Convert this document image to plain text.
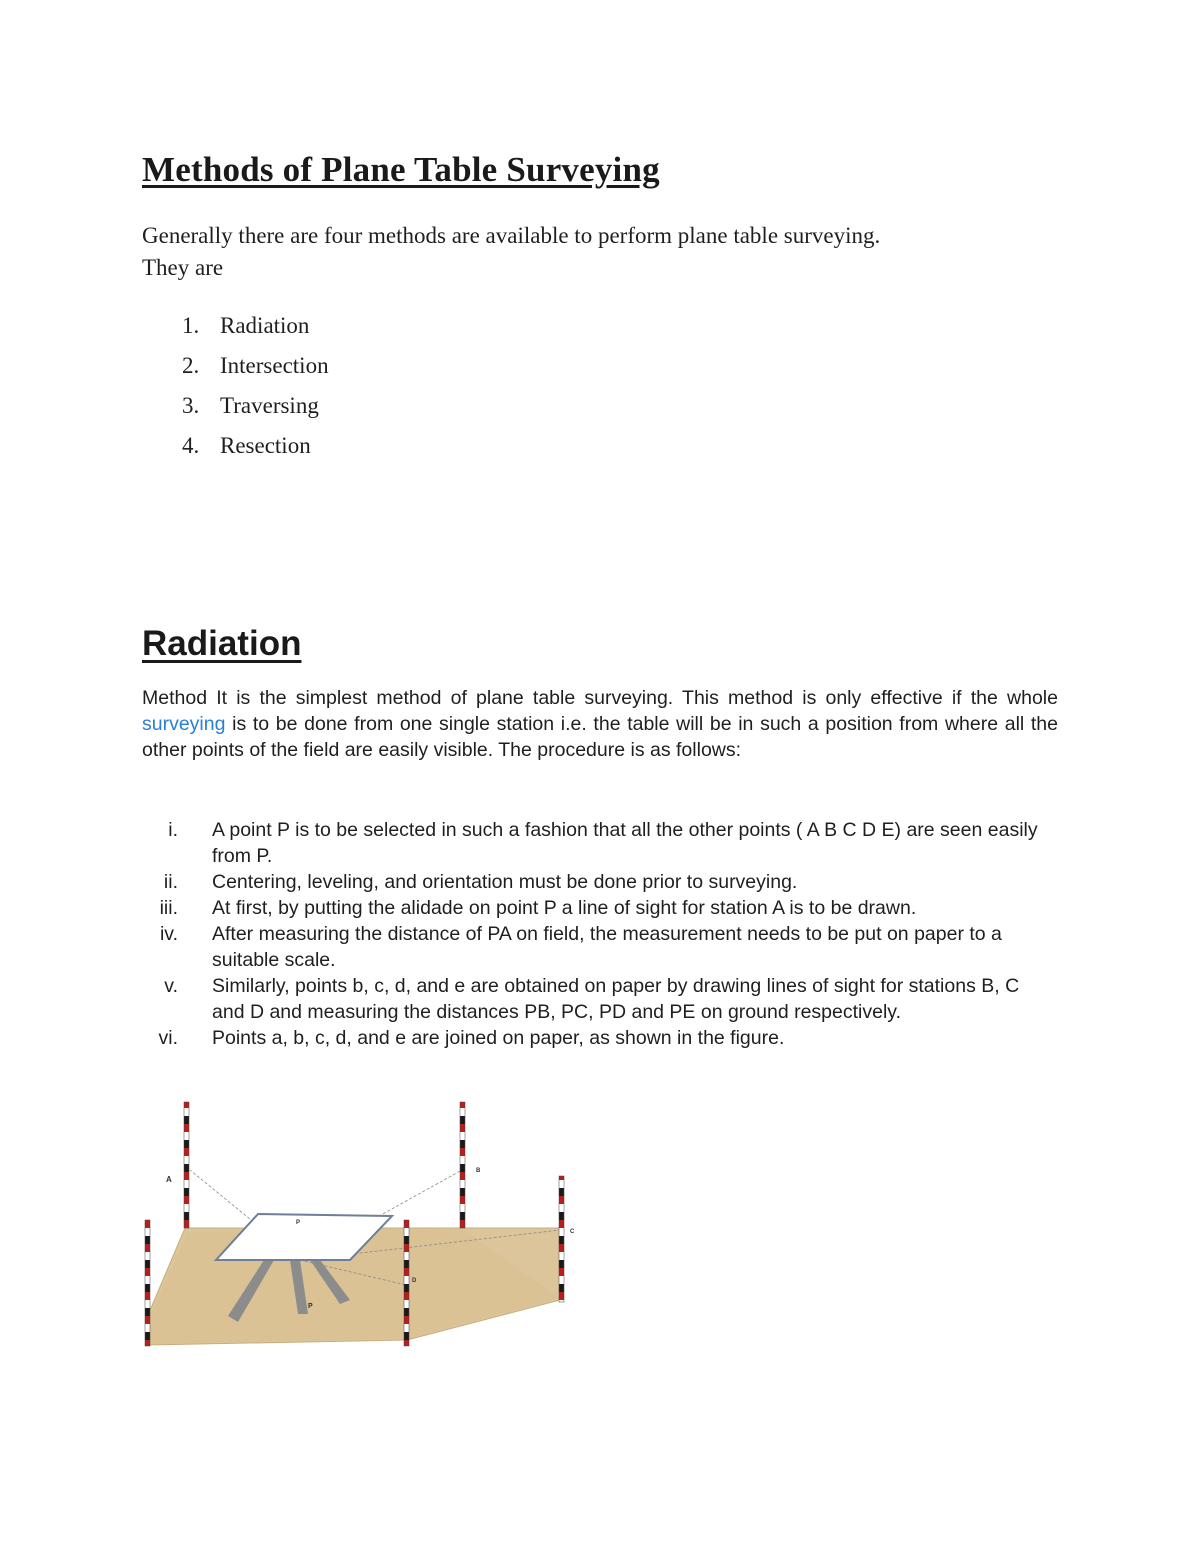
Methods of Plane Table Surveying
Generally there are four methods are available to perform plane table surveying.
They are
1. Radiation
2. Intersection
3. Traversing
4. Resection
Radiation

Method It is the simplest method of plane table surveying. This method is only effective if the whole surveying is to be done from one single station i.e. the table will be in such a position from where all the other points of the field are easily visible. The procedure is as follows:

i. A point P is to be selected in such a fashion that all the other points ( A B C D E) are seen easily from P.
ii. Centering, leveling, and orientation must be done prior to surveying.
iii. At first, by putting the alidade on point P a line of sight for station A is to be drawn.
iv. After measuring the distance of PA on field, the measurement needs to be put on paper to a suitable scale.
v. Similarly, points b, c, d, and e are obtained on paper by drawing lines of sight for stations B, C and D and measuring the distances PB, PC, PD and PE on ground respectively.
vi. Points a, b, c, d, and e are joined on paper, as shown in the figure.
A
B
C
D
P
P
